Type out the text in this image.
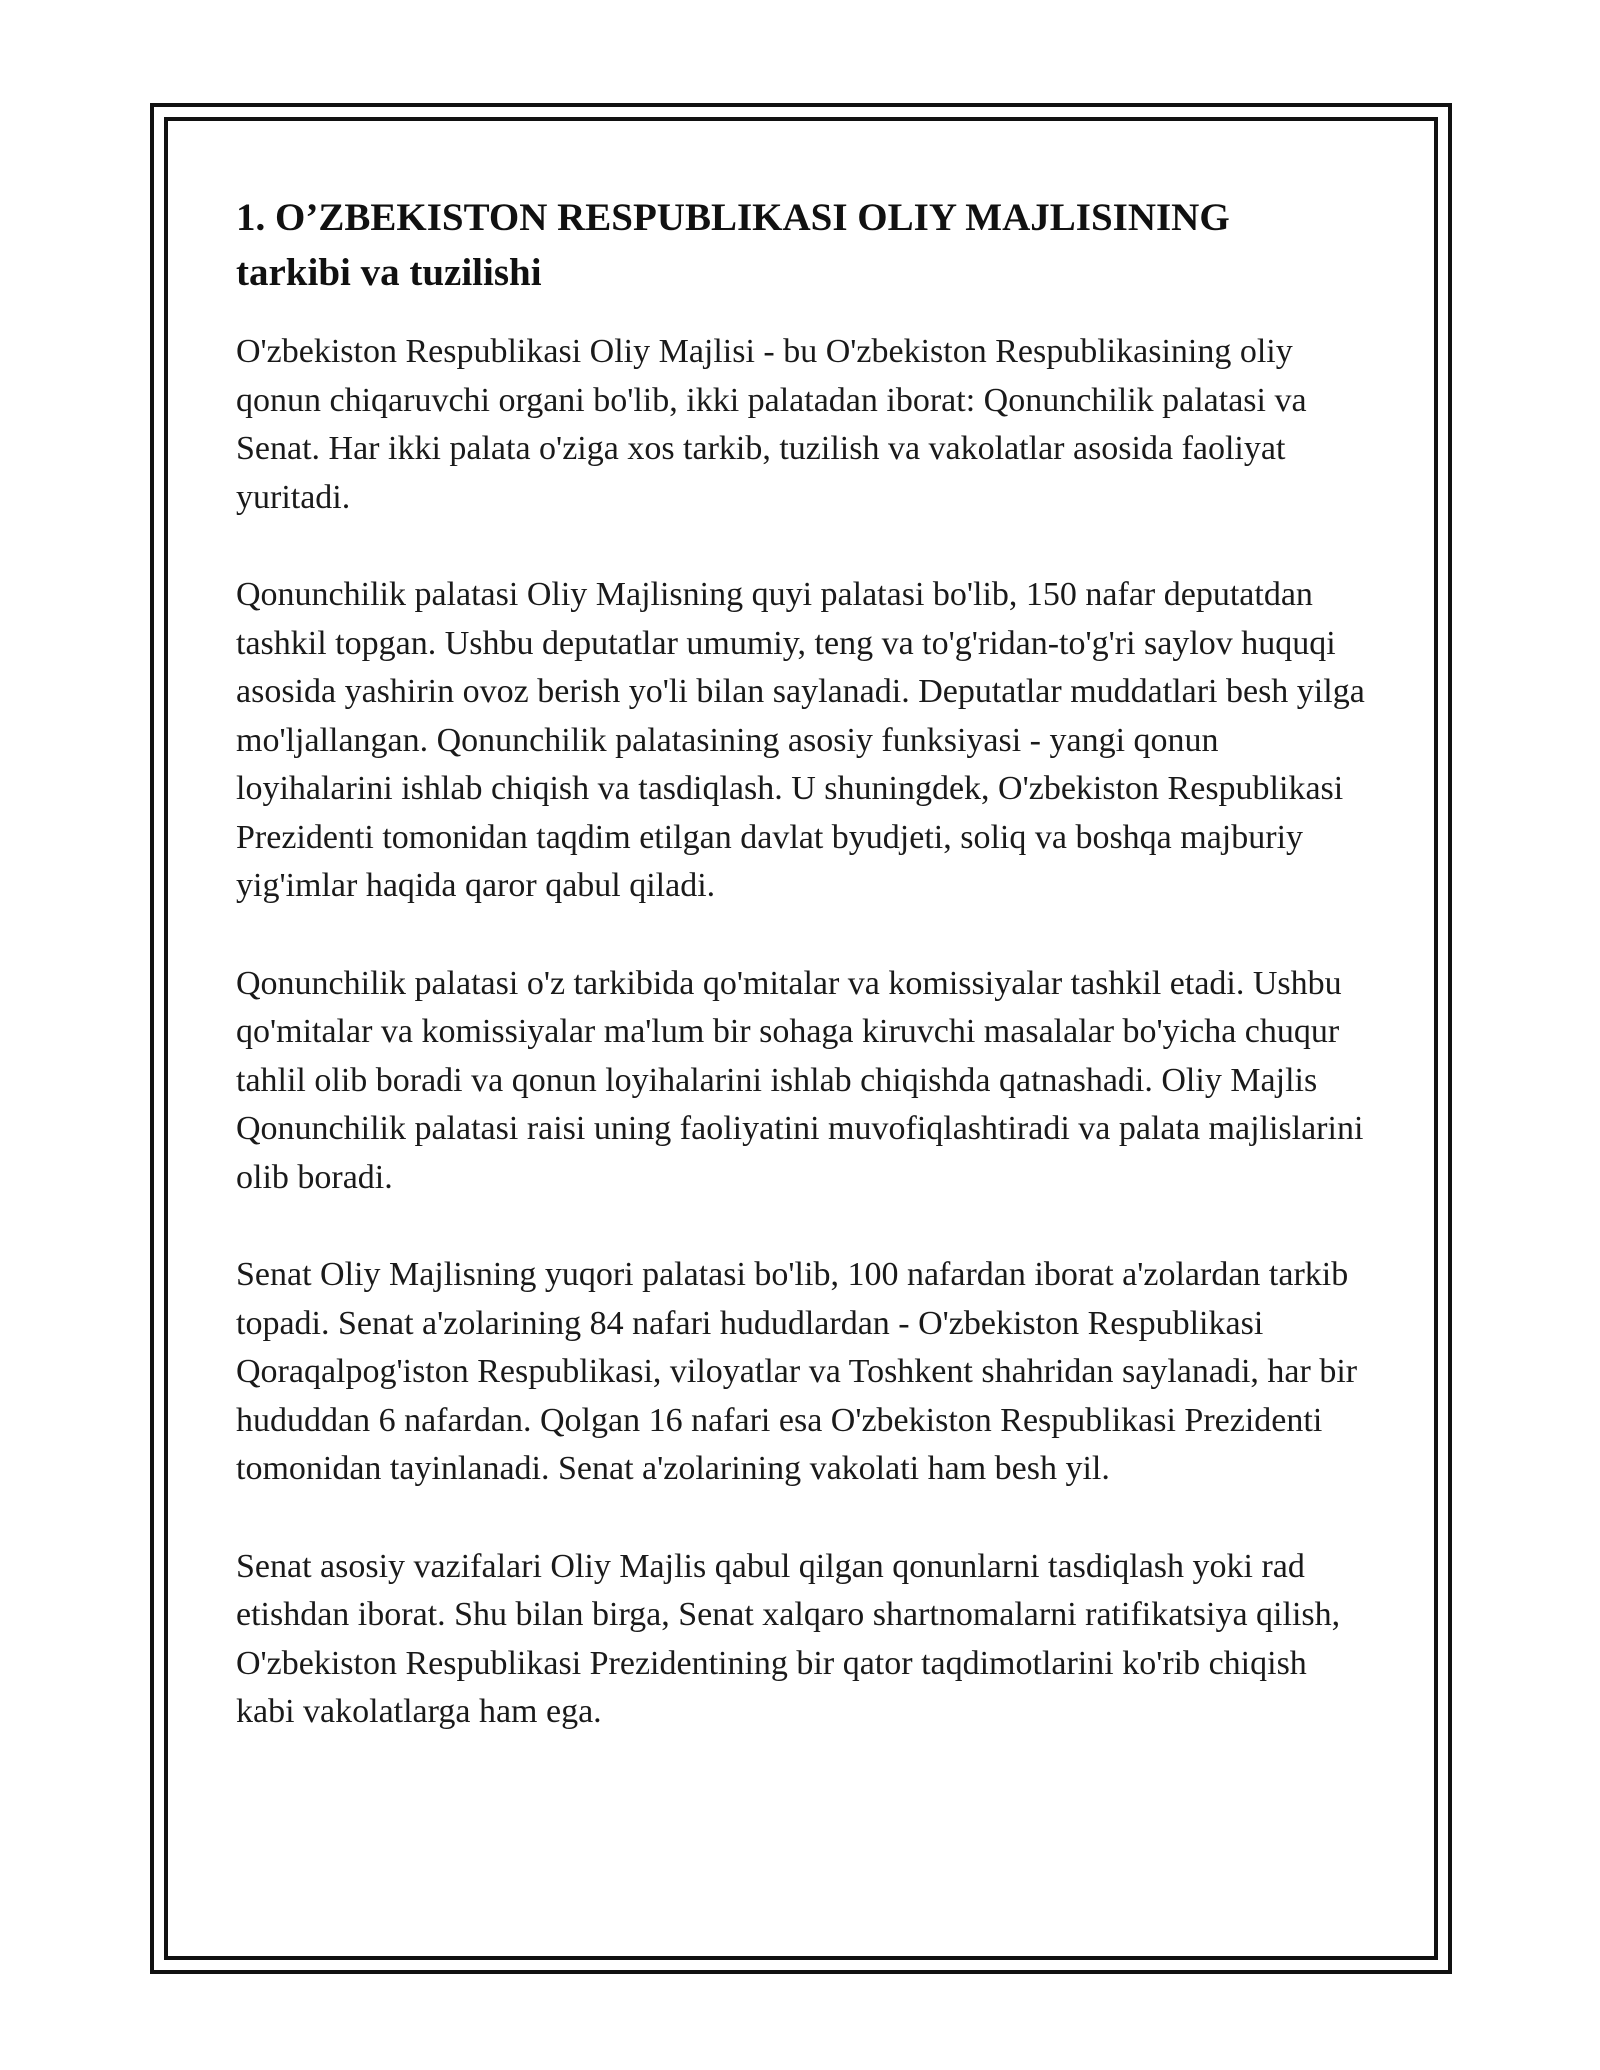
1. O’ZBEKISTON RESPUBLIKASI OLIY MAJLISINING
tarkibi va tuzilishi

O'zbekiston Respublikasi Oliy Majlisi - bu O'zbekiston Respublikasining oliy qonun chiqaruvchi organi bo'lib, ikki palatadan iborat: Qonunchilik palatasi va Senat. Har ikki palata o'ziga xos tarkib, tuzilish va vakolatlar asosida faoliyat yuritadi.

Qonunchilik palatasi Oliy Majlisning quyi palatasi bo'lib, 150 nafar deputatdan tashkil topgan. Ushbu deputatlar umumiy, teng va to'g'ridan-to'g'ri saylov huquqi asosida yashirin ovoz berish yo'li bilan saylanadi. Deputatlar muddatlari besh yilga mo'ljallangan. Qonunchilik palatasining asosiy funksiyasi - yangi qonun loyihalarini ishlab chiqish va tasdiqlash. U shuningdek, O'zbekiston Respublikasi Prezidenti tomonidan taqdim etilgan davlat byudjeti, soliq va boshqa majburiy yig'imlar haqida qaror qabul qiladi.

Qonunchilik palatasi o'z tarkibida qo'mitalar va komissiyalar tashkil etadi. Ushbu qo'mitalar va komissiyalar ma'lum bir sohaga kiruvchi masalalar bo'yicha chuqur tahlil olib boradi va qonun loyihalarini ishlab chiqishda qatnashadi. Oliy Majlis Qonunchilik palatasi raisi uning faoliyatini muvofiqlashtiradi va palata majlislarini olib boradi.

Senat Oliy Majlisning yuqori palatasi bo'lib, 100 nafardan iborat a'zolardan tarkib topadi. Senat a'zolarining 84 nafari hududlardan - O'zbekiston Respublikasi Qoraqalpog'iston Respublikasi, viloyatlar va Toshkent shahridan saylanadi, har bir hududdan 6 nafardan. Qolgan 16 nafari esa O'zbekiston Respublikasi Prezidenti tomonidan tayinlanadi. Senat a'zolarining vakolati ham besh yil.

Senat asosiy vazifalari Oliy Majlis qabul qilgan qonunlarni tasdiqlash yoki rad etishdan iborat. Shu bilan birga, Senat xalqaro shartnomalarni ratifikatsiya qilish, O'zbekiston Respublikasi Prezidentining bir qator taqdimotlarini ko'rib chiqish kabi vakolatlarga ham ega.
